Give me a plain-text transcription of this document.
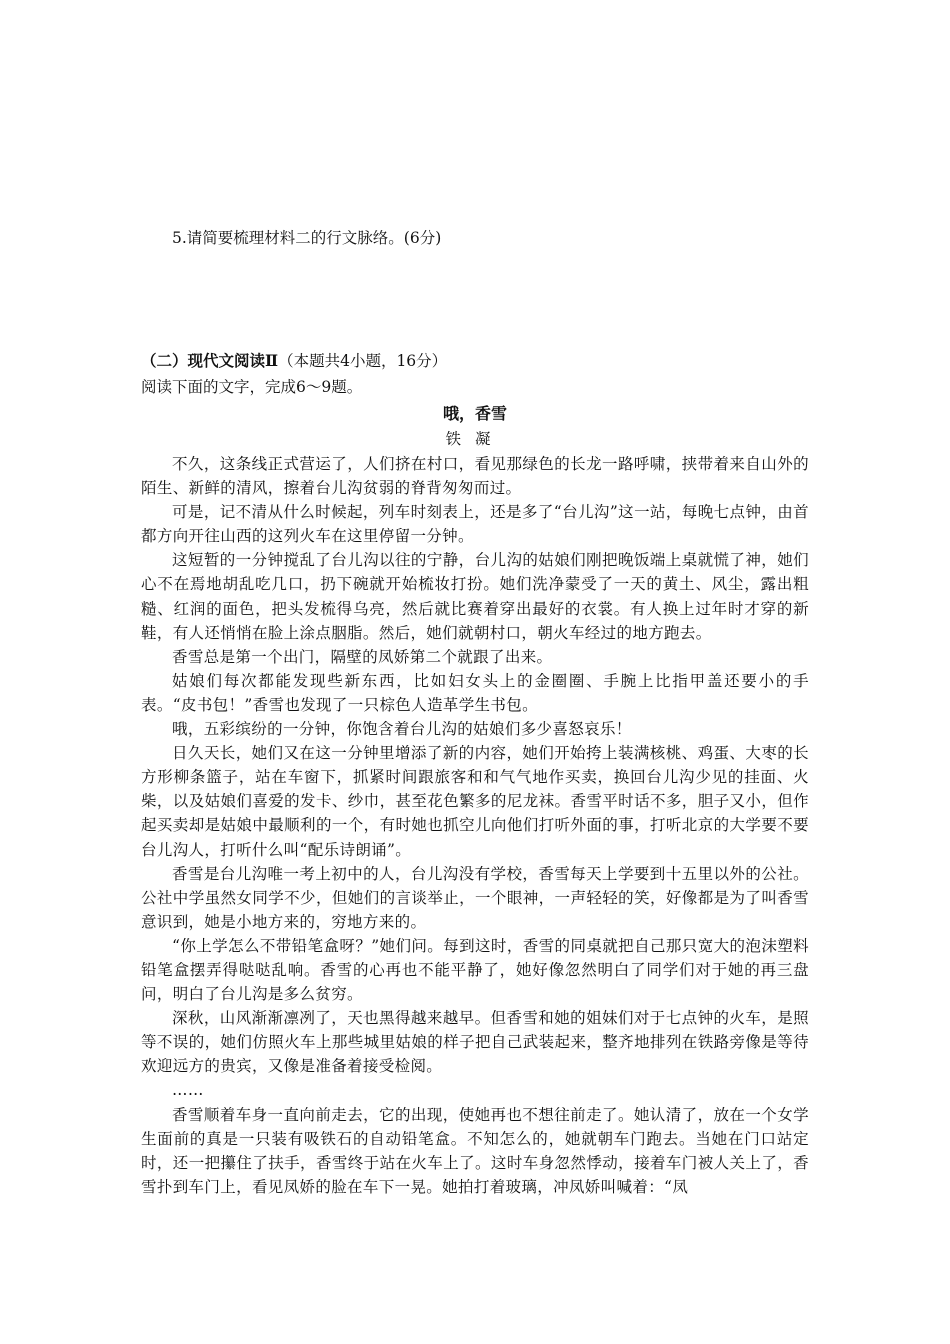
5.请简要梳理材料二的行文脉络。(6分)
（二）现代文阅读Ⅱ（本题共4小题，16分）
阅读下面的文字，完成6～9题。
哦，香雪
铁凝

不久，这条线正式营运了，人们挤在村口，看见那绿色的长龙一路呼啸，挟带着来自山外的陌生、新鲜的清风，擦着台儿沟贫弱的脊背匆匆而过。

可是，记不清从什么时候起，列车时刻表上，还是多了“台儿沟”这一站，每晚七点钟，由首都方向开往山西的这列火车在这里停留一分钟。

这短暂的一分钟搅乱了台儿沟以往的宁静，台儿沟的姑娘们刚把晚饭端上桌就慌了神，她们心不在焉地胡乱吃几口，扔下碗就开始梳妆打扮。她们洗净蒙受了一天的黄土、风尘，露出粗糙、红润的面色，把头发梳得乌亮，然后就比赛着穿出最好的衣裳。有人换上过年时才穿的新鞋，有人还悄悄在脸上涂点胭脂。然后，她们就朝村口，朝火车经过的地方跑去。

香雪总是第一个出门，隔壁的凤娇第二个就跟了出来。

姑娘们每次都能发现些新东西，比如妇女头上的金圈圈、手腕上比指甲盖还要小的手表。“皮书包！”香雪也发现了一只棕色人造革学生书包。

哦，五彩缤纷的一分钟，你饱含着台儿沟的姑娘们多少喜怒哀乐！

日久天长，她们又在这一分钟里增添了新的内容，她们开始挎上装满核桃、鸡蛋、大枣的长方形柳条篮子，站在车窗下，抓紧时间跟旅客和和气气地作买卖，换回台儿沟少见的挂面、火柴，以及姑娘们喜爱的发卡、纱巾，甚至花色繁多的尼龙袜。香雪平时话不多，胆子又小，但作起买卖却是姑娘中最顺利的一个，有时她也抓空儿向他们打听外面的事，打听北京的大学要不要台儿沟人，打听什么叫“配乐诗朗诵”。

香雪是台儿沟唯一考上初中的人，台儿沟没有学校，香雪每天上学要到十五里以外的公社。公社中学虽然女同学不少，但她们的言谈举止，一个眼神，一声轻轻的笑，好像都是为了叫香雪意识到，她是小地方来的，穷地方来的。

“你上学怎么不带铅笔盒呀？”她们问。每到这时，香雪的同桌就把自己那只宽大的泡沫塑料铅笔盒摆弄得哒哒乱响。香雪的心再也不能平静了，她好像忽然明白了同学们对于她的再三盘问，明白了台儿沟是多么贫穷。

深秋，山风渐渐凛冽了，天也黑得越来越早。但香雪和她的姐妹们对于七点钟的火车，是照等不误的，她们仿照火车上那些城里姑娘的样子把自己武装起来，整齐地排列在铁路旁像是等待欢迎远方的贵宾，又像是准备着接受检阅。

……

香雪顺着车身一直向前走去，它的出现，使她再也不想往前走了。她认清了，放在一个女学生面前的真是一只装有吸铁石的自动铅笔盒。不知怎么的，她就朝车门跑去。当她在门口站定时，还一把攥住了扶手，香雪终于站在火车上了。这时车身忽然悸动，接着车门被人关上了，香雪扑到车门上，看见凤娇的脸在车下一晃。她拍打着玻璃，冲凤娇叫喊着：“凤
